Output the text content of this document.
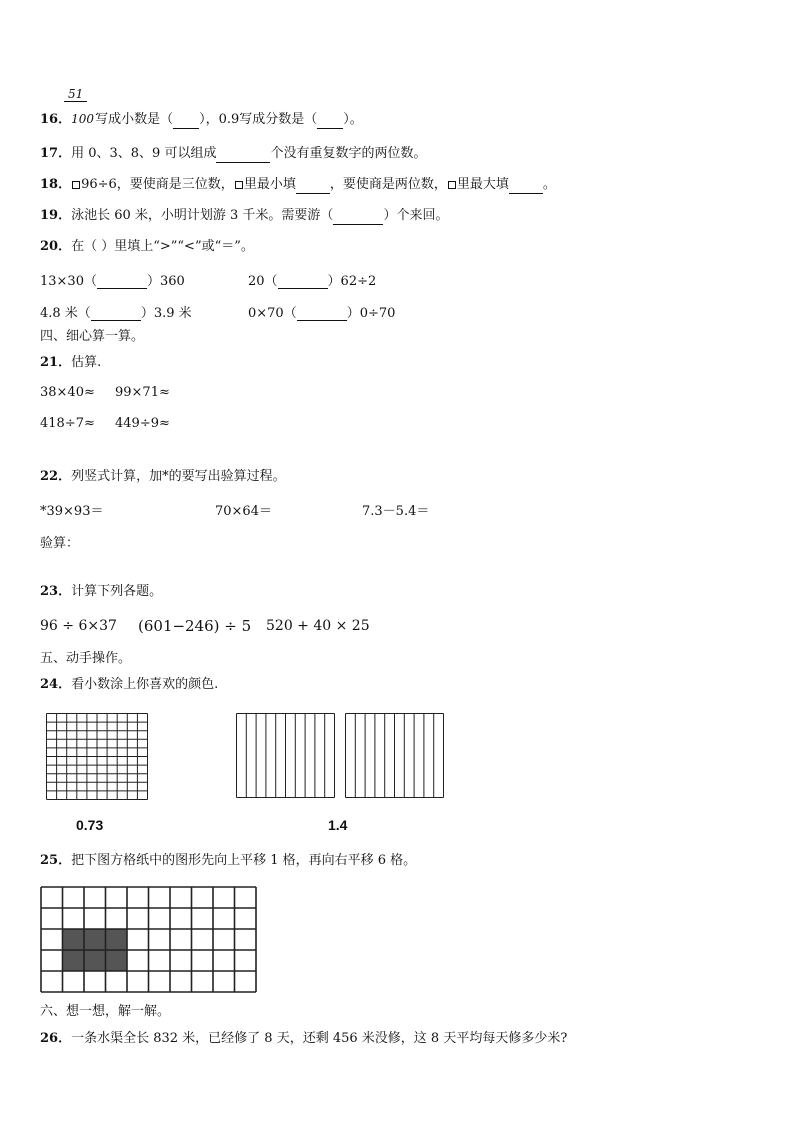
51
16．100写成小数是（ ），0.9写成分数是（ ）。
17．用 0、3、8、9 可以组成	个没有重复数字的两位数。
18． 96÷6，要使商是三位数， 里最小填	，要使商是两位数， 里最大填	。
19．泳池长 60 米，小明计划游 3 千米。需要游（	）个来回。
20．在（ ）里填上“>”“<”或“＝”。
13×30（	）360	20（	）62÷2
4.8 米（	）3.9 米	0×70（	）0÷70
四、细心算一算。
21．估算.
38×40≈ 99×71≈
418÷7≈ 449÷9≈
22．列竖式计算，加*的要写出验算过程。
*39×93＝	70×64＝	7.3－5.4＝
验算：
23．计算下列各题。
96 ÷ 6×37 (601−246) ÷ 5 520 + 40 × 25
五、动手操作。
24．看小数涂上你喜欢的颜色.
0.73	1.4
25．把下图方格纸中的图形先向上平移 1 格，再向右平移 6 格。
六、想一想，解一解。
26．一条水渠全长 832 米，已经修了 8 天，还剩 456 米没修，这 8 天平均每天修多少米?
